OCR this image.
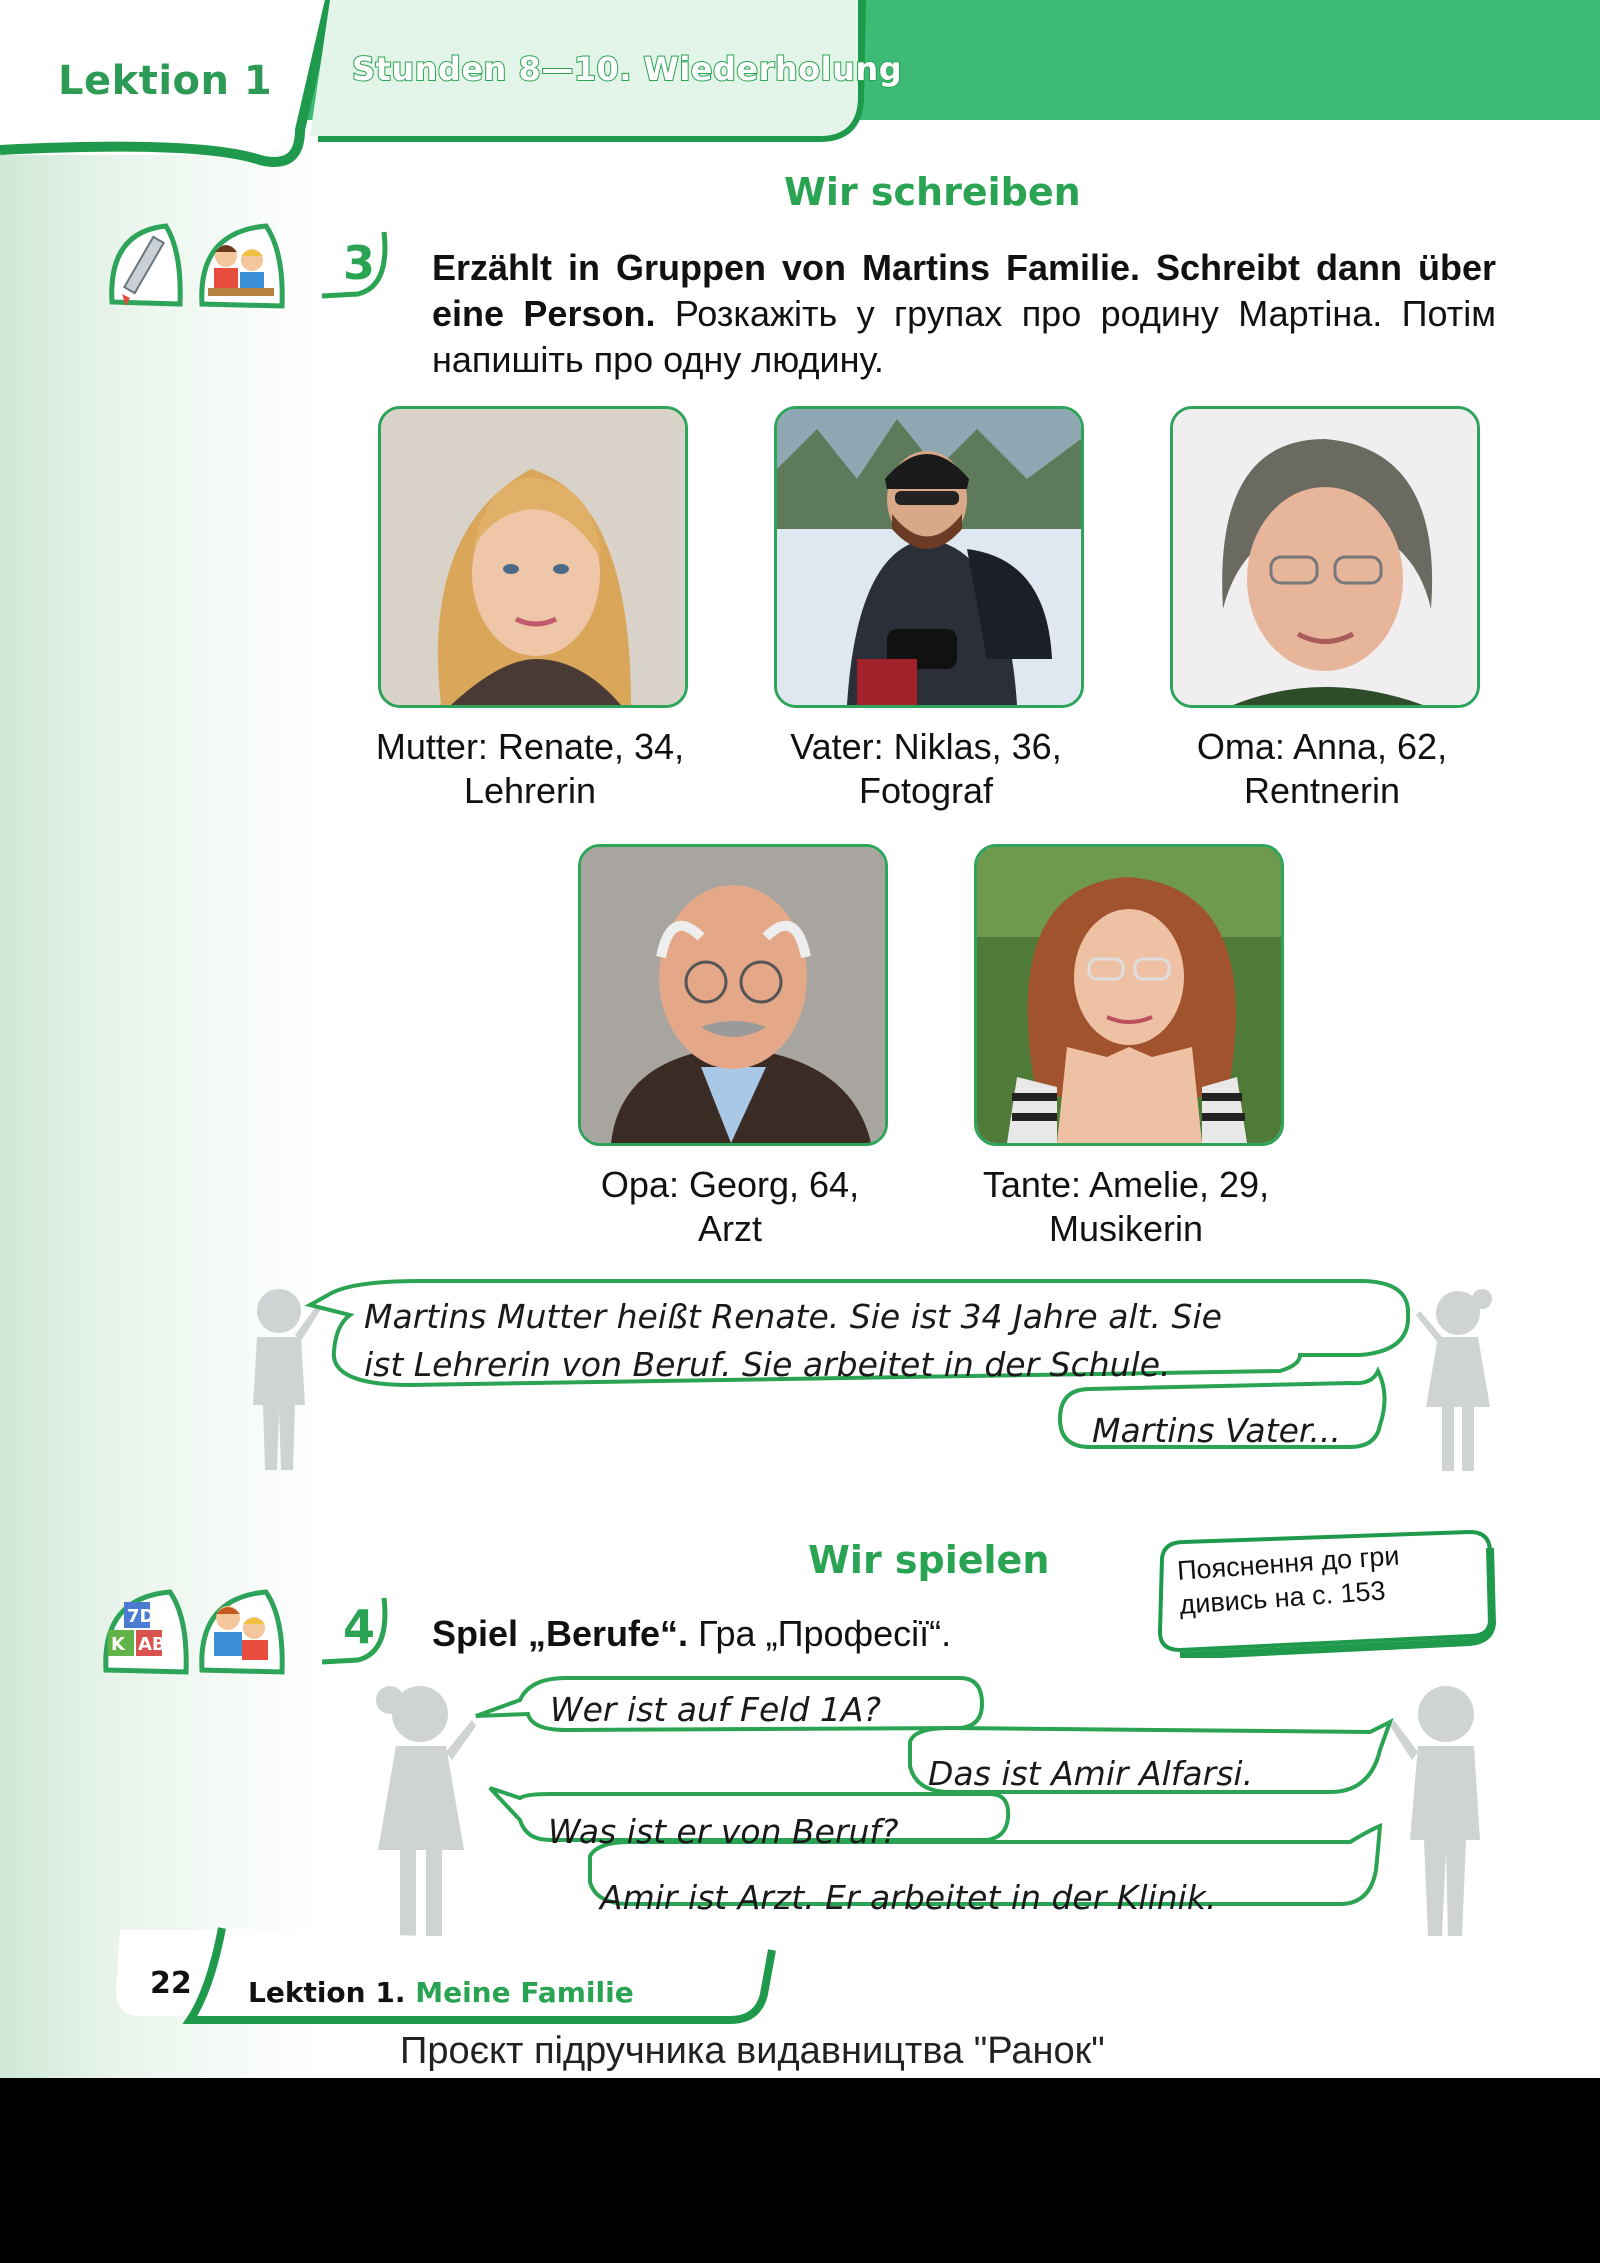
Lektion 1 Stunden 8—10. Wiederholung
Wir schreiben
3 Erzählt in Gruppen von Martins Familie. Schreibt dann über eine Person. Розкажіть у групах про родину Мартіна. Потім напишіть про одну людину.
Mutter: Renate, 34,
Lehrerin
Vater: Niklas, 36,
Fotograf
Oma: Anna, 62,
Rentnerin
Opa: Georg, 64,
Arzt
Tante: Amelie, 29,
Musikerin
Martins Mutter heißt Renate. Sie ist 34 Jahre alt. Sie
ist Lehrerin von Beruf. Sie arbeitet in der Schule.
Martins Vater...
Wir spielen	Пояснення до гри
дивись на с. 153
7D
K AB	4 Spiel „Berufe“. Гра „Професії“.
Wer ist auf Feld 1A?
Das ist Amir Alfarsi.
Was ist er von Beruf?
Amir ist Arzt. Er arbeitet in der Klinik.
22 Lektion 1. Meine Familie
Проєкт підручника видавництва "Ранок"
